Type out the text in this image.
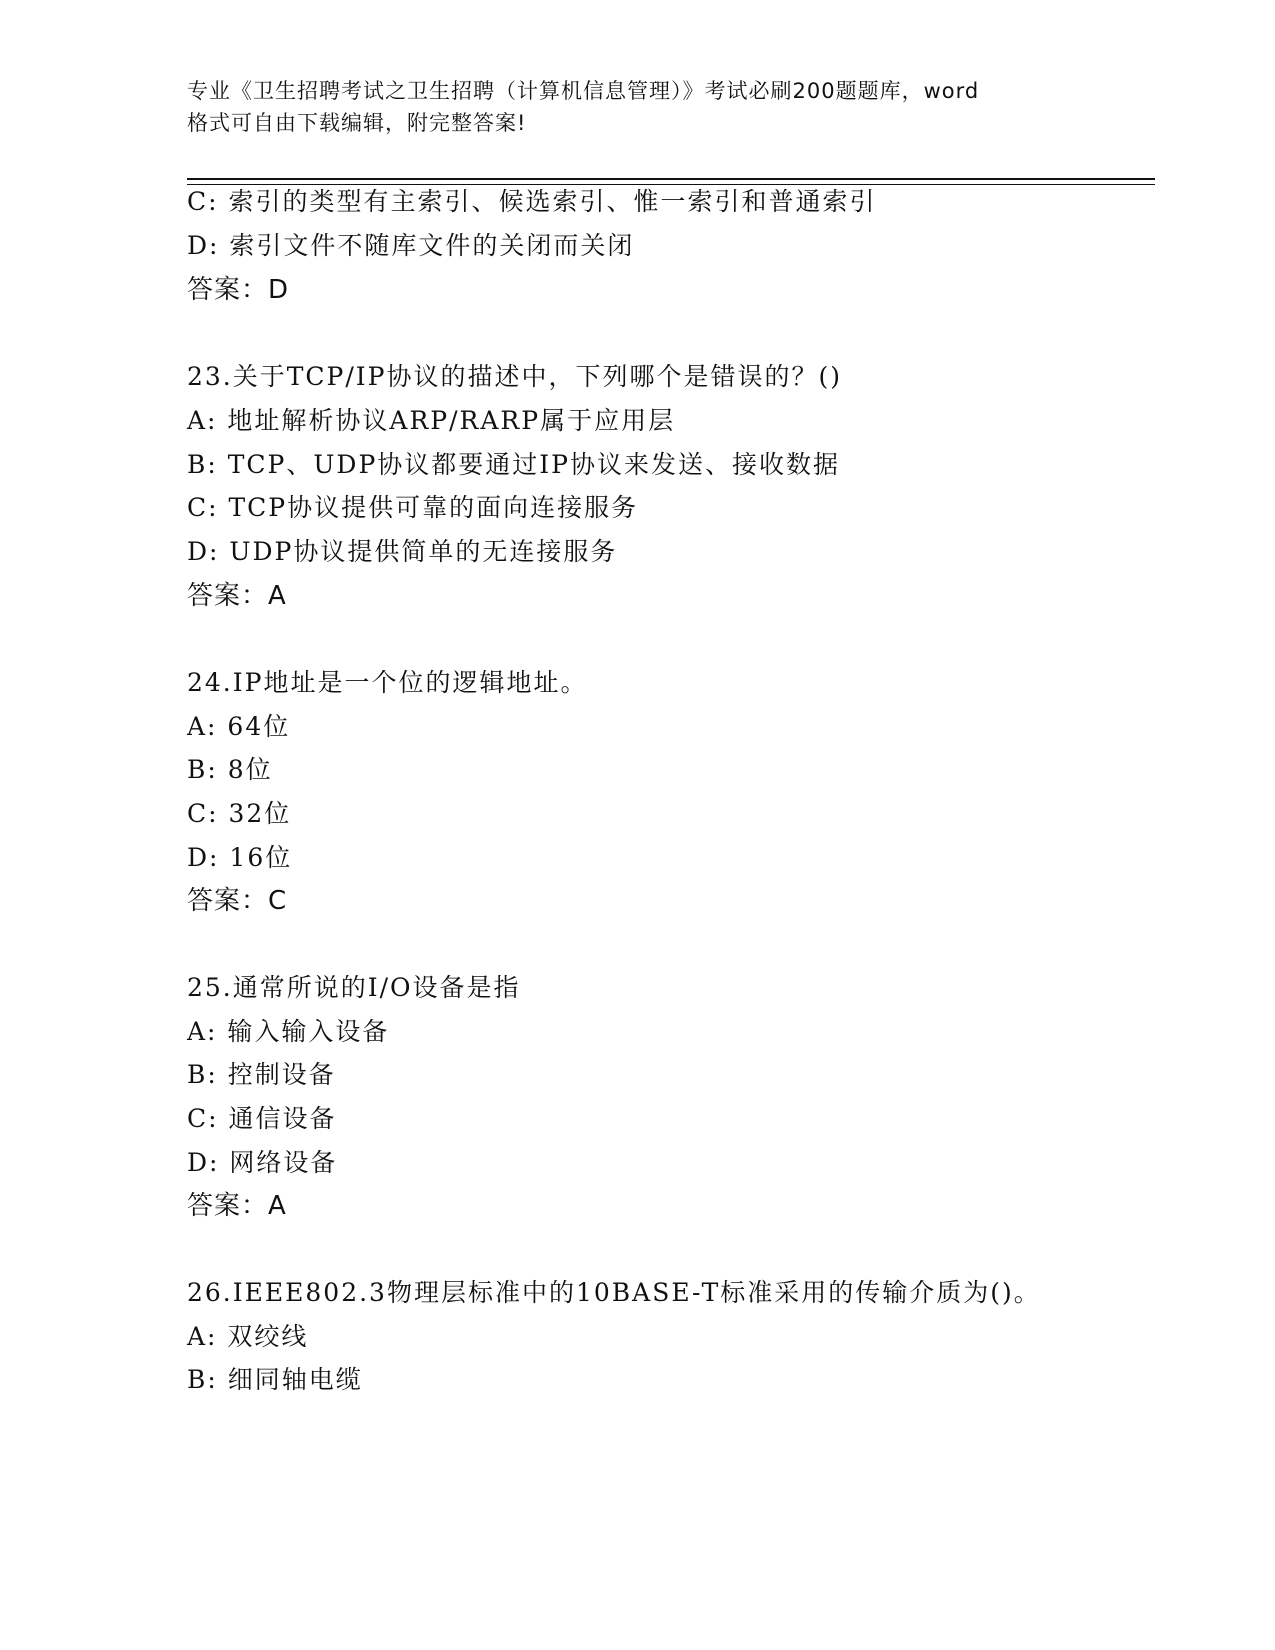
专业《卫生招聘考试之卫生招聘（计算机信息管理）》考试必刷200题题库，word
格式可自由下载编辑，附完整答案!
C: 索引的类型有主索引、候选索引、惟一索引和普通索引
D: 索引文件不随库文件的关闭而关闭
答案：D
23.关于TCP/IP协议的描述中，下列哪个是错误的？()
A: 地址解析协议ARP/RARP属于应用层
B: TCP、UDP协议都要通过IP协议来发送、接收数据
C: TCP协议提供可靠的面向连接服务
D: UDP协议提供简单的无连接服务
答案：A
24.IP地址是一个位的逻辑地址。
A: 64位
B: 8位
C: 32位
D: 16位
答案：C
25.通常所说的I/O设备是指
A: 输入输入设备
B: 控制设备
C: 通信设备
D: 网络设备
答案：A
26.IEEE802.3物理层标准中的10BASE-T标准采用的传输介质为()。
A: 双绞线
B: 细同轴电缆
